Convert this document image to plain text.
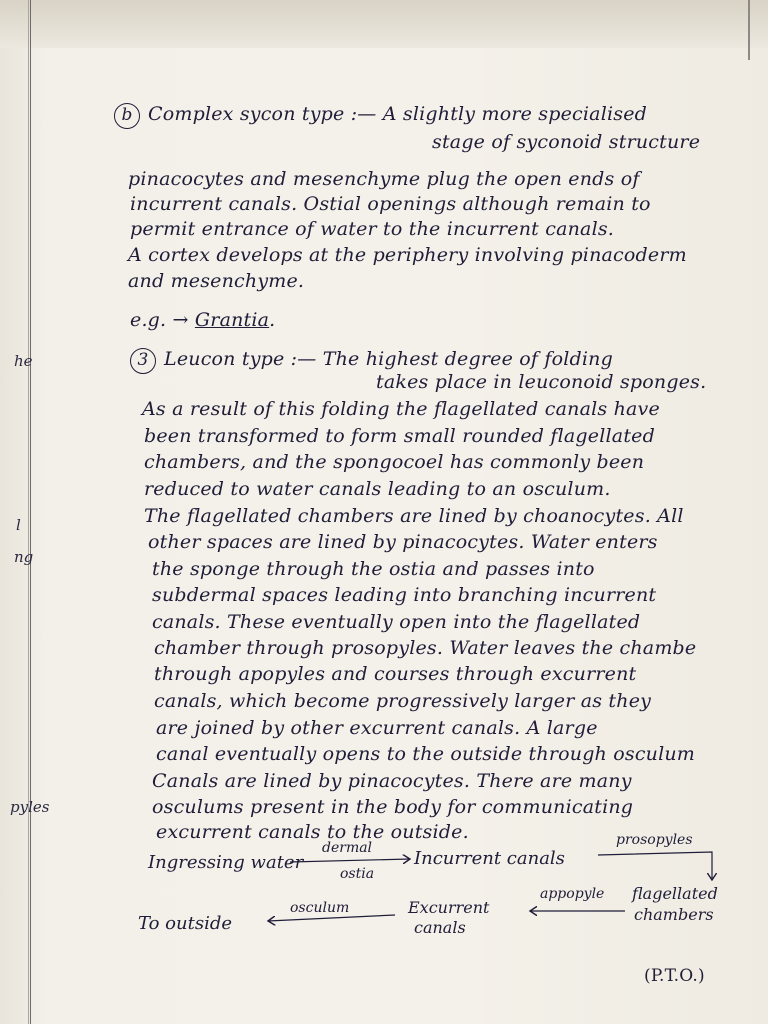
he
l
ng
pyles
b Complex sycon type :— A slightly more specialised
stage of syconoid structure
pinacocytes and mesenchyme plug the open ends of
incurrent canals. Ostial openings although remain to
permit entrance of water to the incurrent canals.
A cortex develops at the periphery involving pinacoderm
and mesenchyme.
e.g. → Grantia.
3 Leucon type :— The highest degree of folding
takes place in leuconoid sponges.
As a result of this folding the flagellated canals have
been transformed to form small rounded flagellated
chambers, and the spongocoel has commonly been
reduced to water canals leading to an osculum.
The flagellated chambers are lined by choanocytes. All
other spaces are lined by pinacocytes. Water enters
the sponge through the ostia and passes into
subdermal spaces leading into branching incurrent
canals. These eventually open into the flagellated
chamber through prosopyles. Water leaves the chambe
through apopyles and courses through excurrent
canals, which become progressively larger as they
are joined by other excurrent canals. A large
canal eventually opens to the outside through osculum
Canals are lined by pinacocytes. There are many
osculums present in the body for communicating
excurrent canals to the outside.
Ingressing water
dermal
ostia
Incurrent canals
prosopyles
flagellated
chambers
appopyle
Excurrent
canals
osculum
To outside
(P.T.O.)
